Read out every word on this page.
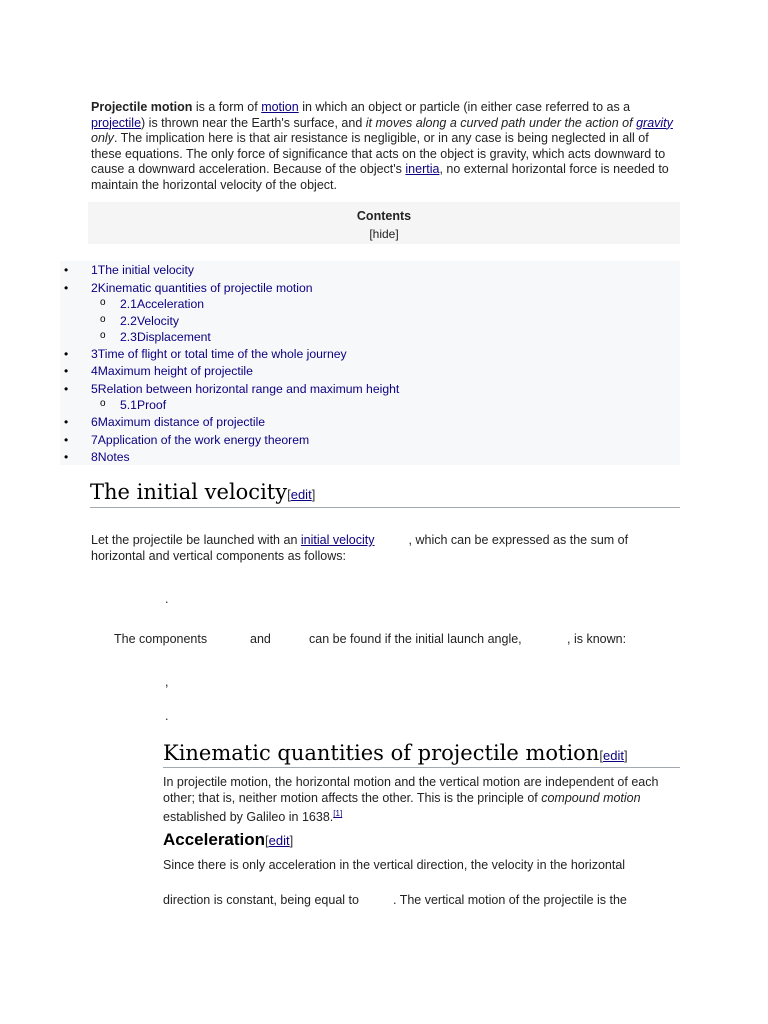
Projectile motion is a form of motion in which an object or particle (in either case referred to as a projectile) is thrown near the Earth's surface, and it moves along a curved path under the action of gravity only. The implication here is that air resistance is negligible, or in any case is being neglected in all of these equations. The only force of significance that acts on the object is gravity, which acts downward to cause a downward acceleration. Because of the object's inertia, no external horizontal force is needed to maintain the horizontal velocity of the object.
Contents
[hide]
• 1The initial velocity
• 2Kinematic quantities of projectile motion
o 2.1Acceleration
o 2.2Velocity
o 2.3Displacement
• 3Time of flight or total time of the whole journey
• 4Maximum height of projectile
• 5Relation between horizontal range and maximum height
o 5.1Proof
• 6Maximum distance of projectile
• 7Application of the work energy theorem
• 8Notes
The initial velocity[edit]
Let the projectile be launched with an initial velocity	, which can be expressed as the sum of horizontal and vertical components as follows:
.
The components	and	can be found if the initial launch angle,	, is known:
,
.
Kinematic quantities of projectile motion[edit]
In projectile motion, the horizontal motion and the vertical motion are independent of each other; that is, neither motion affects the other. This is the principle of compound motion established by Galileo in 1638.[1]
Acceleration[edit]
Since there is only acceleration in the vertical direction, the velocity in the horizontal
direction is constant, being equal to	. The vertical motion of the projectile is the
